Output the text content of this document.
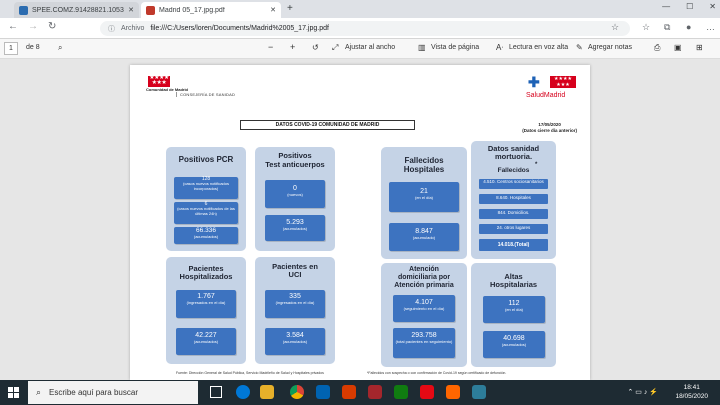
SPEE.COMZ.91428821.1053 ✕	Madrid 05_17.jpg.pdf	✕ +	— ☐ ✕
← → ↻	ⓘ Archivo file:///C:/Users/loren/Documents/Madrid%2005_17.jpg.pdf	☆	☆ ⧉ ● …
1	de 8 ⌕	− + ↺ ⤢ Ajustar al ancho	▥ Vista de página Aᐧ Lectura en voz alta ✎ Agregar notas	⎙ ▣ ⊞
★★★★
★★★
Comunidad de Madrid
CONSEJERÍA DE SANIDAD
✚	★★★★
★★★
SaludMadrid
DATOS COVID-19 COMUNIDAD DE MADRID	17/05/2020
(Datos cierre día anterior)
Positivos PCR
128
(casos nuevos notificados incorporados)
6
(casos nuevos notificados de las últimas 24h)
66.336
(acumulados)
Positivos
Test anticuerpos
0
(nuevos)
5.293
(acumulados)
Fallecidos
Hospitales
21
(en el día)
8.847
(acumulado)
Datos sanidad
mortuoria.
*
Fallecidos
4.510. Centros sociosanitarios
8.640. Hospitales
844. Domicilios.
24. otros lugares
14.018.(Total)
Pacientes
Hospitalizados
1.767
(ingresados en el día)
42.227
(acumulados)
Pacientes en
UCI
335
(ingresados en el día)
3.584
(acumulados)
Atención
domiciliaria por
Atención primaria
4.107
(seguimiento en el día)
293.758
(total pacientes en seguimiento)
Altas
Hospitalarias
112
(en el día)
40.698
(acumulados)
Fuente: Dirección General de Salud Pública, Servicio Madrileño de Salud y Hospitales privados	*Fallecidos con sospecha o con confirmación de Covid-19 según certificado de defunción.
⌕ Escribe aquí para buscar	⌃ ▭ ♪ ⚡
18:41
18/05/2020
